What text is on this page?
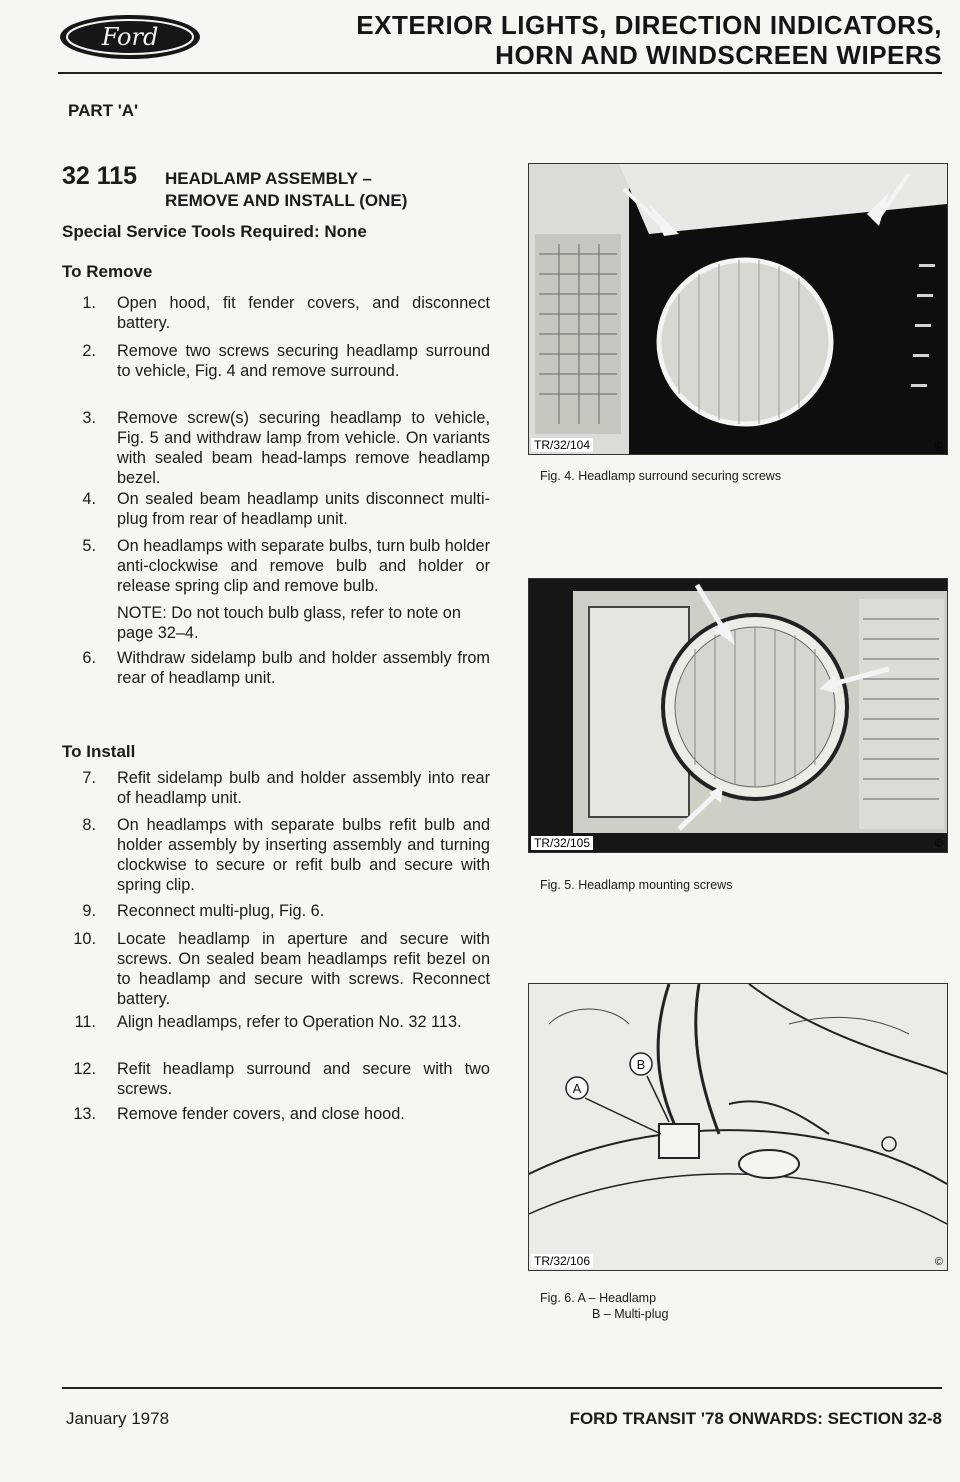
Ford	EXTERIOR LIGHTS, DIRECTION INDICATORS,
HORN AND WINDSCREEN WIPERS
PART 'A'
32 115 HEADLAMP ASSEMBLY –
REMOVE AND INSTALL (ONE)
Special Service Tools Required: None
To Remove
1. Open hood, fit fender covers, and disconnect battery.
2. Remove two screws securing headlamp surround to vehicle, Fig. 4 and remove surround.
3. Remove screw(s) securing headlamp to vehicle, Fig. 5 and withdraw lamp from vehicle. On variants with sealed beam head-lamps remove headlamp bezel.
4. On sealed beam headlamp units disconnect multi-plug from rear of headlamp unit.
5. On headlamps with separate bulbs, turn bulb holder anti-clockwise and remove bulb and holder or release spring clip and remove bulb.
NOTE: Do not touch bulb glass, refer to note on page 32–4.
6. Withdraw sidelamp bulb and holder assembly from rear of headlamp unit.
To Install
7. Refit sidelamp bulb and holder assembly into rear of headlamp unit.
8. On headlamps with separate bulbs refit bulb and holder assembly by inserting assembly and turning clockwise to secure or refit bulb and secure with spring clip.
9. Reconnect multi-plug, Fig. 6.
10. Locate headlamp in aperture and secure with screws. On sealed beam headlamps refit bezel on to headlamp and secure with screws. Reconnect battery.
11. Align headlamps, refer to Operation No. 32 113.
12. Refit headlamp surround and secure with two screws.
13. Remove fender covers, and close hood.
TR/32/104	©
Fig. 4. Headlamp surround securing screws
TR/32/105	©
Fig. 5. Headlamp mounting screws
B
A
TR/32/106	©
Fig. 6. A – Headlamp
B – Multi-plug
January 1978	FORD TRANSIT '78 ONWARDS: SECTION 32-8
